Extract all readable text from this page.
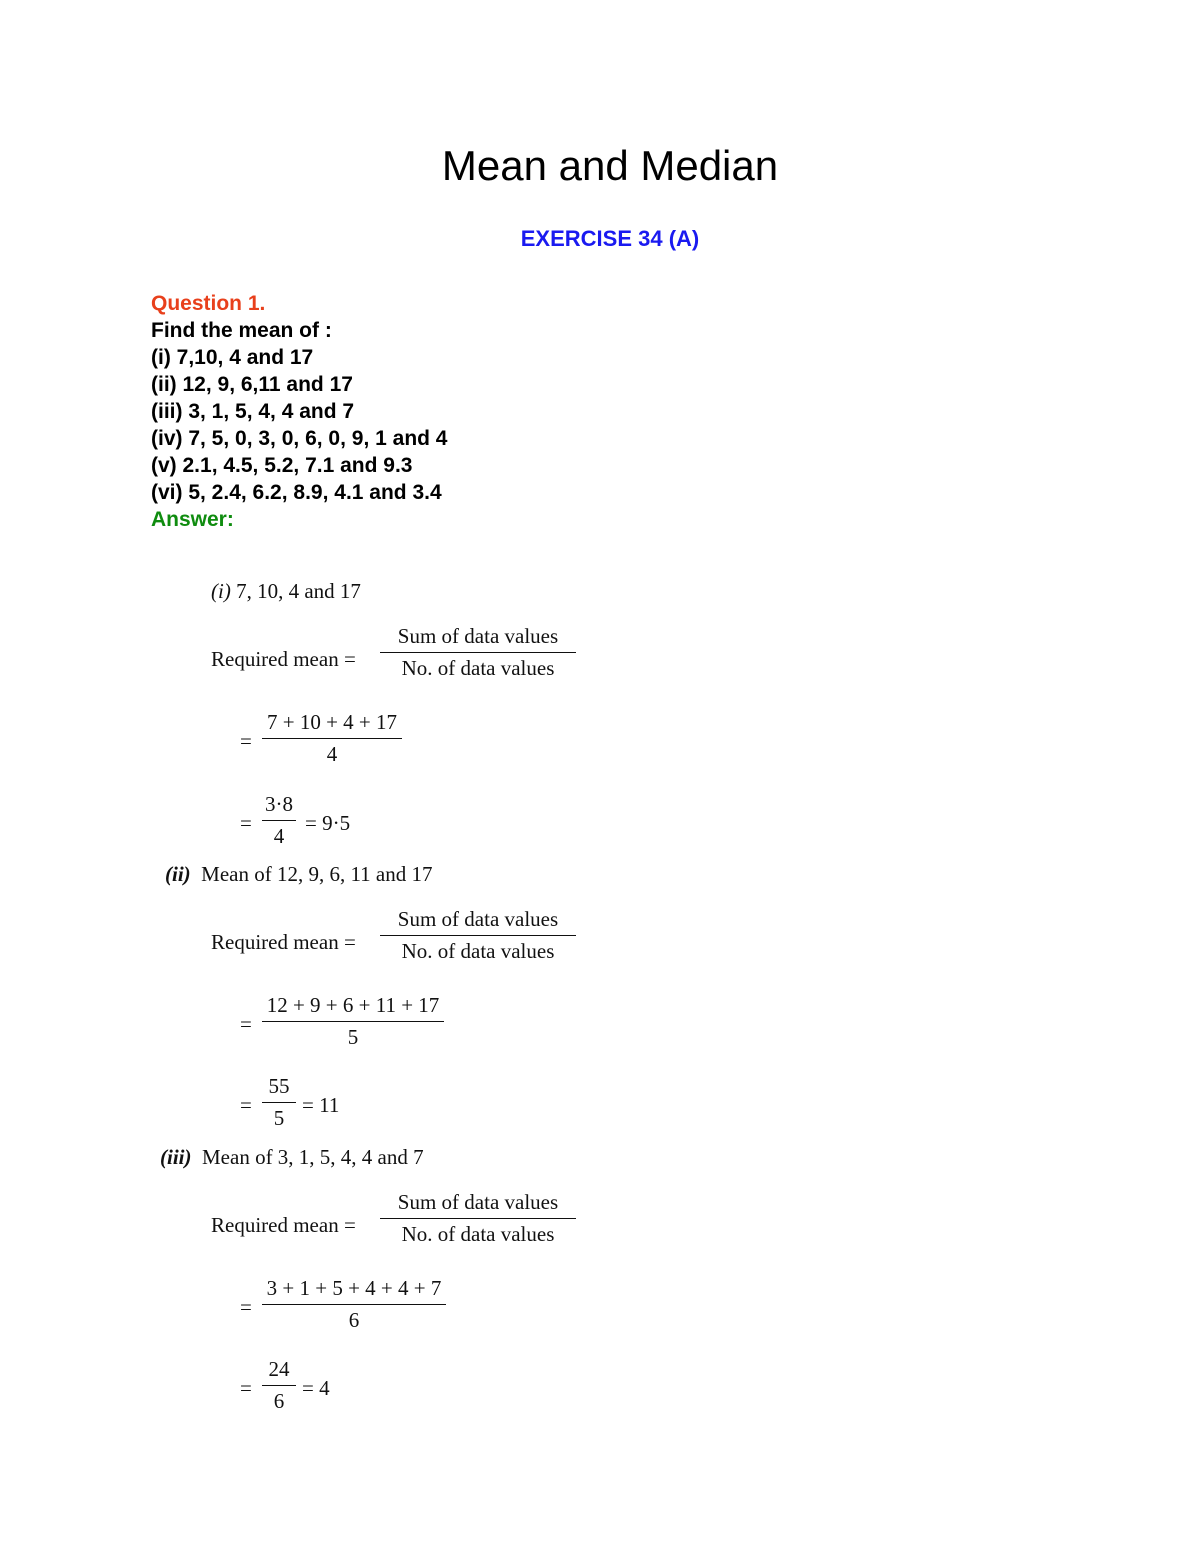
Mean and Median
EXERCISE 34 (A)
Question 1.
Find the mean of :
(i) 7,10, 4 and 17
(ii) 12, 9, 6,11 and 17
(iii) 3, 1, 5, 4, 4 and 7
(iv) 7, 5, 0, 3, 0, 6, 0, 9, 1 and 4
(v) 2.1, 4.5, 5.2, 7.1 and 9.3
(vi) 5, 2.4, 6.2, 8.9, 4.1 and 3.4
Answer:
(i) 7, 10, 4 and 17
Required mean =
Sum of data values
No. of data values
=
7 + 10 + 4 + 17
4
=
3·8
4
= 9·5
(ii) Mean of 12, 9, 6, 11 and 17
Required mean =
Sum of data values
No. of data values
=
12 + 9 + 6 + 11 + 17
5
=
55
5
= 11
(iii) Mean of 3, 1, 5, 4, 4 and 7
Required mean =
Sum of data values
No. of data values
=
3 + 1 + 5 + 4 + 4 + 7
6
=
24
6
= 4
